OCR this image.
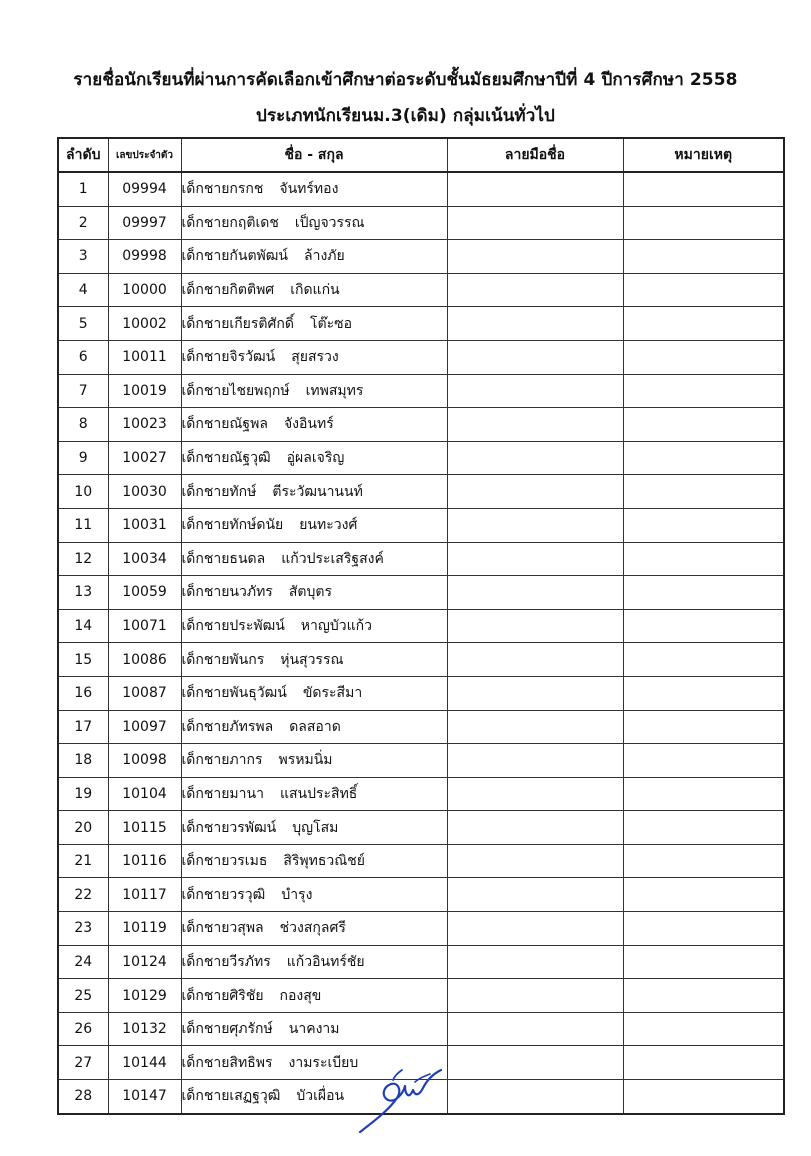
รายชื่อนักเรียนที่ผ่านการคัดเลือกเข้าศึกษาต่อระดับชั้นมัธยมศึกษาปีที่ 4 ปีการศึกษา 2558
ประเภทนักเรียนม.3(เดิม) กลุ่มเน้นทั่วไป
ลำดับ	เลขประจำตัว	ชื่อ - สกุล	ลายมือชื่อ	หมายเหตุ
1	09994	เด็กชายกรกช จันทร์ทอง		
2	09997	เด็กชายกฤติเดช เป็ญจวรรณ		
3	09998	เด็กชายกันตพัฒน์ ล้างภัย		
4	10000	เด็กชายกิตติพศ เกิดแก่น		
5	10002	เด็กชายเกียรติศักดิ์ โต๊ะซอ		
6	10011	เด็กชายจิรวัฒน์ สุยสรวง		
7	10019	เด็กชายไชยพฤกษ์ เทพสมุทร		
8	10023	เด็กชายณัฐพล จังอินทร์		
9	10027	เด็กชายณัฐวุฒิ อู่ผลเจริญ		
10	10030	เด็กชายทักษ์ ตีระวัฒนานนท์		
11	10031	เด็กชายทักษ์ดนัย ยนทะวงศ์		
12	10034	เด็กชายธนดล แก้วประเสริฐสงค์		
13	10059	เด็กชายนวภัทร สัตบุตร		
14	10071	เด็กชายประพัฒน์ หาญบัวแก้ว		
15	10086	เด็กชายพันกร หุ่นสุวรรณ		
16	10087	เด็กชายพันธุวัฒน์ ขัดระสีมา		
17	10097	เด็กชายภัทรพล ดลสอาด		
18	10098	เด็กชายภากร พรหมนิ่ม		
19	10104	เด็กชายมานา แสนประสิทธิ์		
20	10115	เด็กชายวรพัฒน์ บุญโสม		
21	10116	เด็กชายวรเมธ สิริพุทธวณิชย์		
22	10117	เด็กชายวรวุฒิ บำรุง		
23	10119	เด็กชายวสุพล ช่วงสกุลศรี		
24	10124	เด็กชายวีรภัทร แก้วอินทร์ชัย		
25	10129	เด็กชายศิริชัย กองสุข		
26	10132	เด็กชายศุภรักษ์ นาคงาม		
27	10144	เด็กชายสิทธิพร งามระเบียบ		
28	10147	เด็กชายเสฏฐวุฒิ บัวเผื่อน		
